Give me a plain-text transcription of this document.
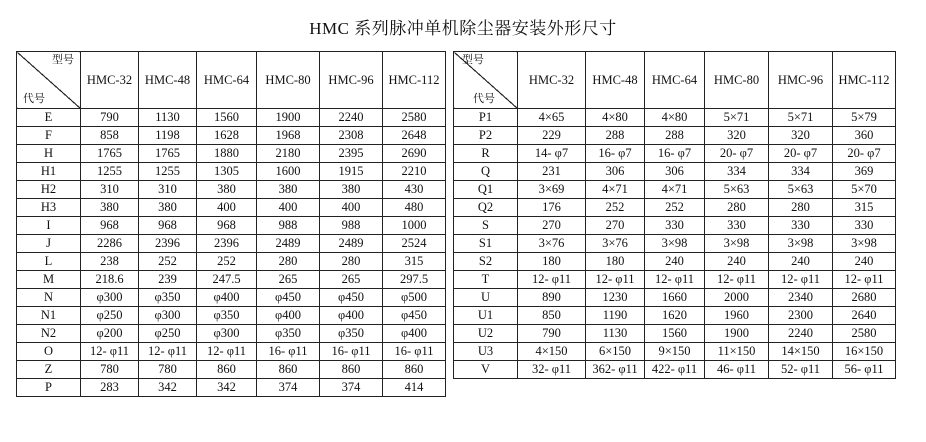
HMC 系列脉冲单机除尘器安装外形尺寸
型号
代号	HMC-32	HMC-48	HMC-64	HMC-80	HMC-96	HMC-112
E	790	1130	1560	1900	2240	2580
F	858	1198	1628	1968	2308	2648
H	1765	1765	1880	2180	2395	2690
H1	1255	1255	1305	1600	1915	2210
H2	310	310	380	380	380	430
H3	380	380	400	400	400	480
I	968	968	968	988	988	1000
J	2286	2396	2396	2489	2489	2524
L	238	252	252	280	280	315
M	218.6	239	247.5	265	265	297.5
N	φ300	φ350	φ400	φ450	φ450	φ500
N1	φ250	φ300	φ350	φ400	φ400	φ450
N2	φ200	φ250	φ300	φ350	φ350	φ400
O	12- φ11	12- φ11	12- φ11	16- φ11	16- φ11	16- φ11
Z	780	780	860	860	860	860
P	283	342	342	374	374	414
型号
代号	HMC-32	HMC-48	HMC-64	HMC-80	HMC-96	HMC-112
P1	4×65	4×80	4×80	5×71	5×71	5×79
P2	229	288	288	320	320	360
R	14- φ7	16- φ7	16- φ7	20- φ7	20- φ7	20- φ7
Q	231	306	306	334	334	369
Q1	3×69	4×71	4×71	5×63	5×63	5×70
Q2	176	252	252	280	280	315
S	270	270	330	330	330	330
S1	3×76	3×76	3×98	3×98	3×98	3×98
S2	180	180	240	240	240	240
T	12- φ11	12- φ11	12- φ11	12- φ11	12- φ11	12- φ11
U	890	1230	1660	2000	2340	2680
U1	850	1190	1620	1960	2300	2640
U2	790	1130	1560	1900	2240	2580
U3	4×150	6×150	9×150	11×150	14×150	16×150
V	32- φ11	362- φ11	422- φ11	46- φ11	52- φ11	56- φ11
